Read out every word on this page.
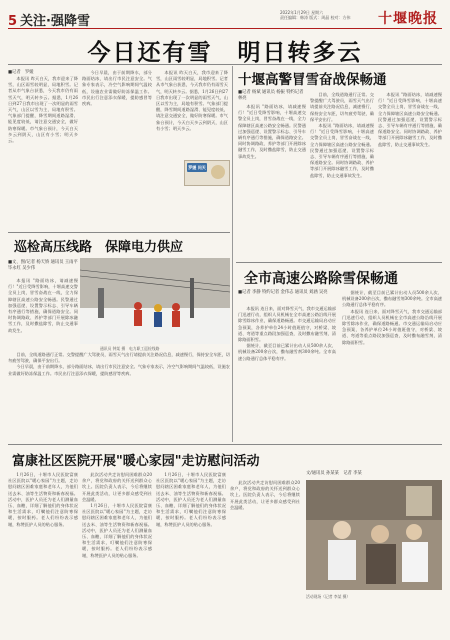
5 关注·强降雪
2022年1月29日 星期六
责任编辑：韩涛 版式：周晶 校对：方伟 十堰晚报
今日还有雪　明日转多云
■记者　罗媛

本报讯 昨天白天，我市迎来了降雪，山区雨雪较明显，局地积雪。记者从市气象台获悉，今天我市仍有雨雪天气，明天转多云。据悉，1月26日到27日我市出现了一次明显的雨雪天气，山区以雪为主，局地有积雪。气象部门提醒，降雪期间道路湿滑、能见度较低，请注意交通安全，做好防寒保暖。市气象台预计，今天白天多云到阴天，山区有小雪；明天多云。

今日早晨，由于前期降水，部分路面结冰，请出行市民注意安全。气象专家表示，冷空气影响期间气温较低，设施农业需做好防冻保温工作。市民出行注意添衣保暖，提防感冒等疾病。

本报讯 昨天白天，我市迎来了降雪，山区雨雪较明显，局地积雪。记者从市气象台获悉，今天我市仍有雨雪天气，明天转多云。据悉，1月26日到27日我市出现了一次明显的雨雪天气，山区以雪为主，局地有积雪。气象部门提醒，降雪期间道路湿滑、能见度较低，请注意交通安全，做好防寒保暖。市气象台预计，今天白天多云到阴天，山区有小雪；明天多云。

罗媛 问天
巡检高压线路　保障电力供应
通讯员 钟某 摄　电力职工巡检线路
■文、图/记者 杨天娇 通讯员 王雨平 毕永红 吴少伟

本报讯 "路面结冰，请减速慢行！"近日受降雪影响，十堰高速交警全员上岗，冒雪奋战在一线，全力保障辖区高速公路安全畅通。民警通过加强巡逻、设置警示标志、引导车辆有序通行等措施，确保道路安全。同时协调路政、养护等部门开展除冰融雪工作，及时撒盐除雪，防止交通事故发生。

目前，全线道路通行正常。交警提醒广大驾驶员，雨雪天气出行请提前关注路况信息，减速慢行，保持安全车距，切勿疲劳驾驶，确保平安出行。

今日早晨，由于前期降水，部分路面结冰，请出行市民注意安全。气象专家表示，冷空气影响期间气温较低，设施农业需做好防冻保温工作。市民出行注意添衣保暖，提防感冒等疾病。

十堰高警冒雪奋战保畅通
■记者 杨斌 通讯员 杨振 特约记者 林亮

本报讯 "路面结冰，请减速慢行！"近日受降雪影响，十堰高速交警全员上岗，冒雪奋战在一线，全力保障辖区高速公路安全畅通。民警通过加强巡逻、设置警示标志、引导车辆有序通行等措施，确保道路安全。同时协调路政、养护等部门开展除冰融雪工作，及时撒盐除雪，防止交通事故发生。

目前，全线道路通行正常。交警提醒广大驾驶员，雨雪天气出行请提前关注路况信息，减速慢行，保持安全车距，切勿疲劳驾驶，确保平安出行。

本报讯 "路面结冰，请减速慢行！"近日受降雪影响，十堰高速交警全员上岗，冒雪奋战在一线，全力保障辖区高速公路安全畅通。民警通过加强巡逻、设置警示标志、引导车辆有序通行等措施，确保道路安全。同时协调路政、养护等部门开展除冰融雪工作，及时撒盐除雪，防止交通事故发生。

本报讯 "路面结冰，请减速慢行！"近日受降雪影响，十堰高速交警全员上岗，冒雪奋战在一线，全力保障辖区高速公路安全畅通。民警通过加强巡逻、设置警示标志、引导车辆有序通行等措施，确保道路安全。同时协调路政、养护等部门开展除冰融雪工作，及时撒盐除雪，防止交通事故发生。

全市高速公路除雪保畅通
■记者 李静 特约记者 金伟志 通讯员 刘涵 吴亮

本报讯 连日来，面对降雪天气，我市交通运输部门迅速行动，组织人员机械在全市高速公路沿线开展除雪除冰作业，确保道路畅通。市交通运输局启动应急预案，各养护单位24小时值班值守，对桥梁、坡道、弯道等重点路段加强巡查，及时撒布融雪剂，清除路面积雪。

据统计，截至目前已累计出动人员500余人次、机械设备200余台次，撒布融雪剂300余吨。全市高速公路通行总体平稳有序。

据统计，截至目前已累计出动人员500余人次、机械设备200余台次，撒布融雪剂300余吨。全市高速公路通行总体平稳有序。

本报讯 连日来，面对降雪天气，我市交通运输部门迅速行动，组织人员机械在全市高速公路沿线开展除雪除冰作业，确保道路畅通。市交通运输局启动应急预案，各养护单位24小时值班值守，对桥梁、坡道、弯道等重点路段加强巡查，及时撒布融雪剂，清除路面积雪。

富康社区医院开展"暖心家园"走访慰问活动
文/通讯员 孙某某　记者 李某

1月26日，十堰市人民医院富康社区医院以"暖心家园"为主题，走访慰问辖区困难家庭和老年人，为他们送去米、油等生活物资和新春祝福。活动中，医护人员还为老人们测量血压、血糖，详细了解他们的身体状况和生活需求，叮嘱他们注意防寒保暖，按时服药。老人们纷纷表示感谢，称赞医护人员的贴心服务。

此次活动共走访慰问困难群众20余户，将党和政府的关怀送到群众心坎上。医院负责人表示，今后将继续开展此类活动，让更多群众感受到社会温暖。

1月26日，十堰市人民医院富康社区医院以"暖心家园"为主题，走访慰问辖区困难家庭和老年人，为他们送去米、油等生活物资和新春祝福。活动中，医护人员还为老人们测量血压、血糖，详细了解他们的身体状况和生活需求，叮嘱他们注意防寒保暖，按时服药。老人们纷纷表示感谢，称赞医护人员的贴心服务。

1月26日，十堰市人民医院富康社区医院以"暖心家园"为主题，走访慰问辖区困难家庭和老年人，为他们送去米、油等生活物资和新春祝福。活动中，医护人员还为老人们测量血压、血糖，详细了解他们的身体状况和生活需求，叮嘱他们注意防寒保暖，按时服药。老人们纷纷表示感谢，称赞医护人员的贴心服务。

此次活动共走访慰问困难群众20余户，将党和政府的关怀送到群众心坎上。医院负责人表示，今后将继续开展此类活动，让更多群众感受到社会温暖。

活动现场（记者 李某 摄）
